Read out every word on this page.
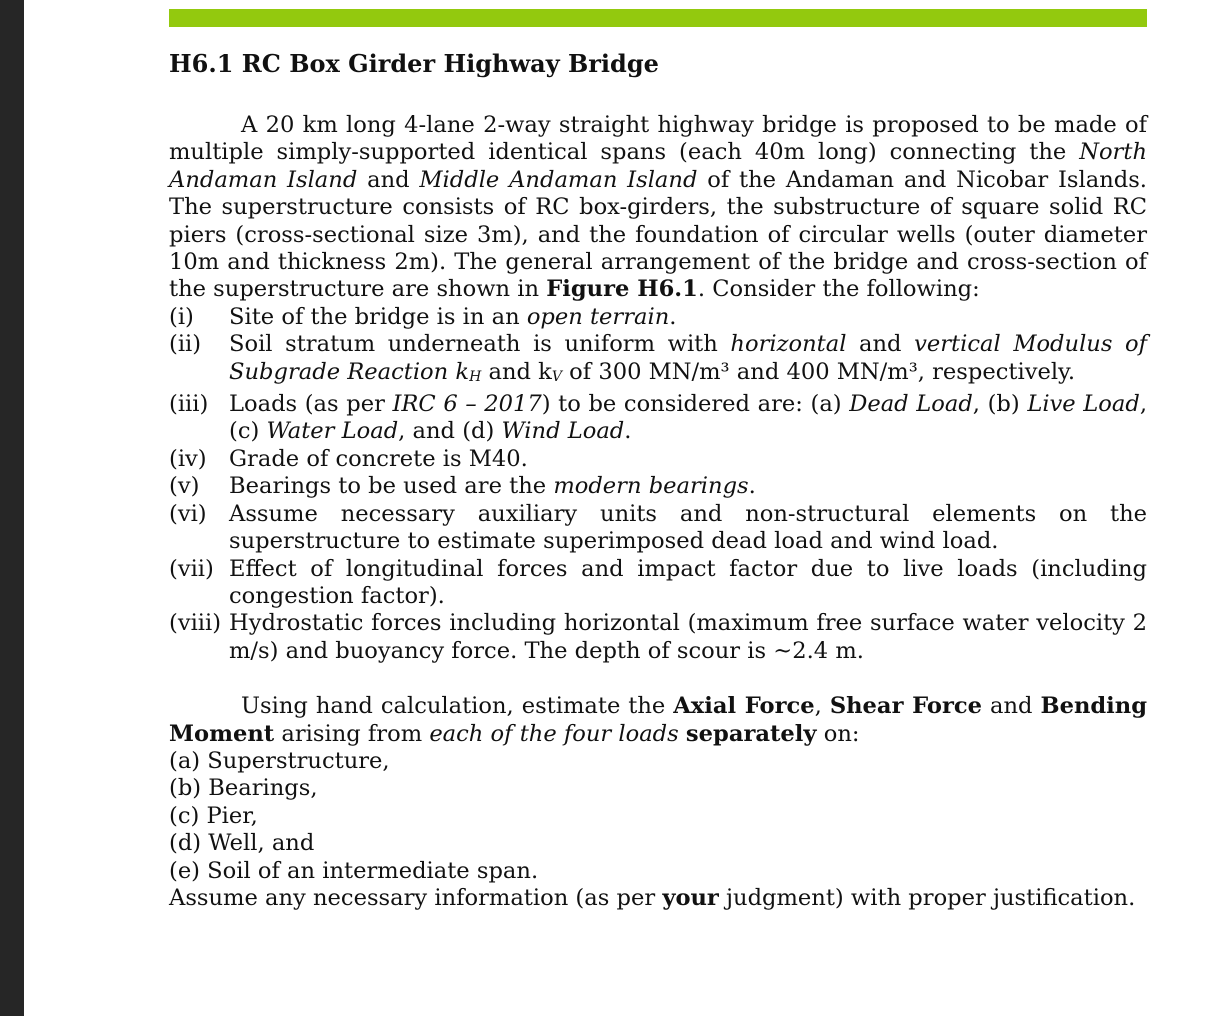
H6.1 RC Box Girder Highway Bridge

A 20 km long 4-lane 2-way straight highway bridge is proposed to be made of multiple simply-supported identical spans (each 40m long) connecting the North Andaman Island and Middle Andaman Island of the Andaman and Nicobar Islands. The superstructure consists of RC box-girders, the substructure of square solid RC piers (cross-sectional size 3m), and the foundation of circular wells (outer diameter 10m and thickness 2m). The general arrangement of the bridge and cross-section of the superstructure are shown in Figure H6.1. Consider the following:

(i) Site of the bridge is in an open terrain.
(ii) Soil stratum underneath is uniform with horizontal and vertical Modulus of Subgrade Reaction $k_H$ and $k_V$ of 300 MN/m³ and 400 MN/m³, respectively.
(iii) Loads (as per IRC 6 – 2017) to be considered are: (a) Dead Load, (b) Live Load, (c) Water Load, and (d) Wind Load.
(iv) Grade of concrete is M40.
(v) Bearings to be used are the modern bearings.
(vi) Assume necessary auxiliary units and non-structural elements on the superstructure to estimate superimposed dead load and wind load.
(vii) Effect of longitudinal forces and impact factor due to live loads (including congestion factor).
(viii) Hydrostatic forces including horizontal (maximum free surface water velocity 2 m/s) and buoyancy force. The depth of scour is ~2.4 m.

Using hand calculation, estimate the Axial Force, Shear Force and Bending Moment arising from each of the four loads separately on:

(a) Superstructure,
(b) Bearings,
(c) Pier,
(d) Well, and
(e) Soil of an intermediate span.

Assume any necessary information (as per your judgment) with proper justification.
